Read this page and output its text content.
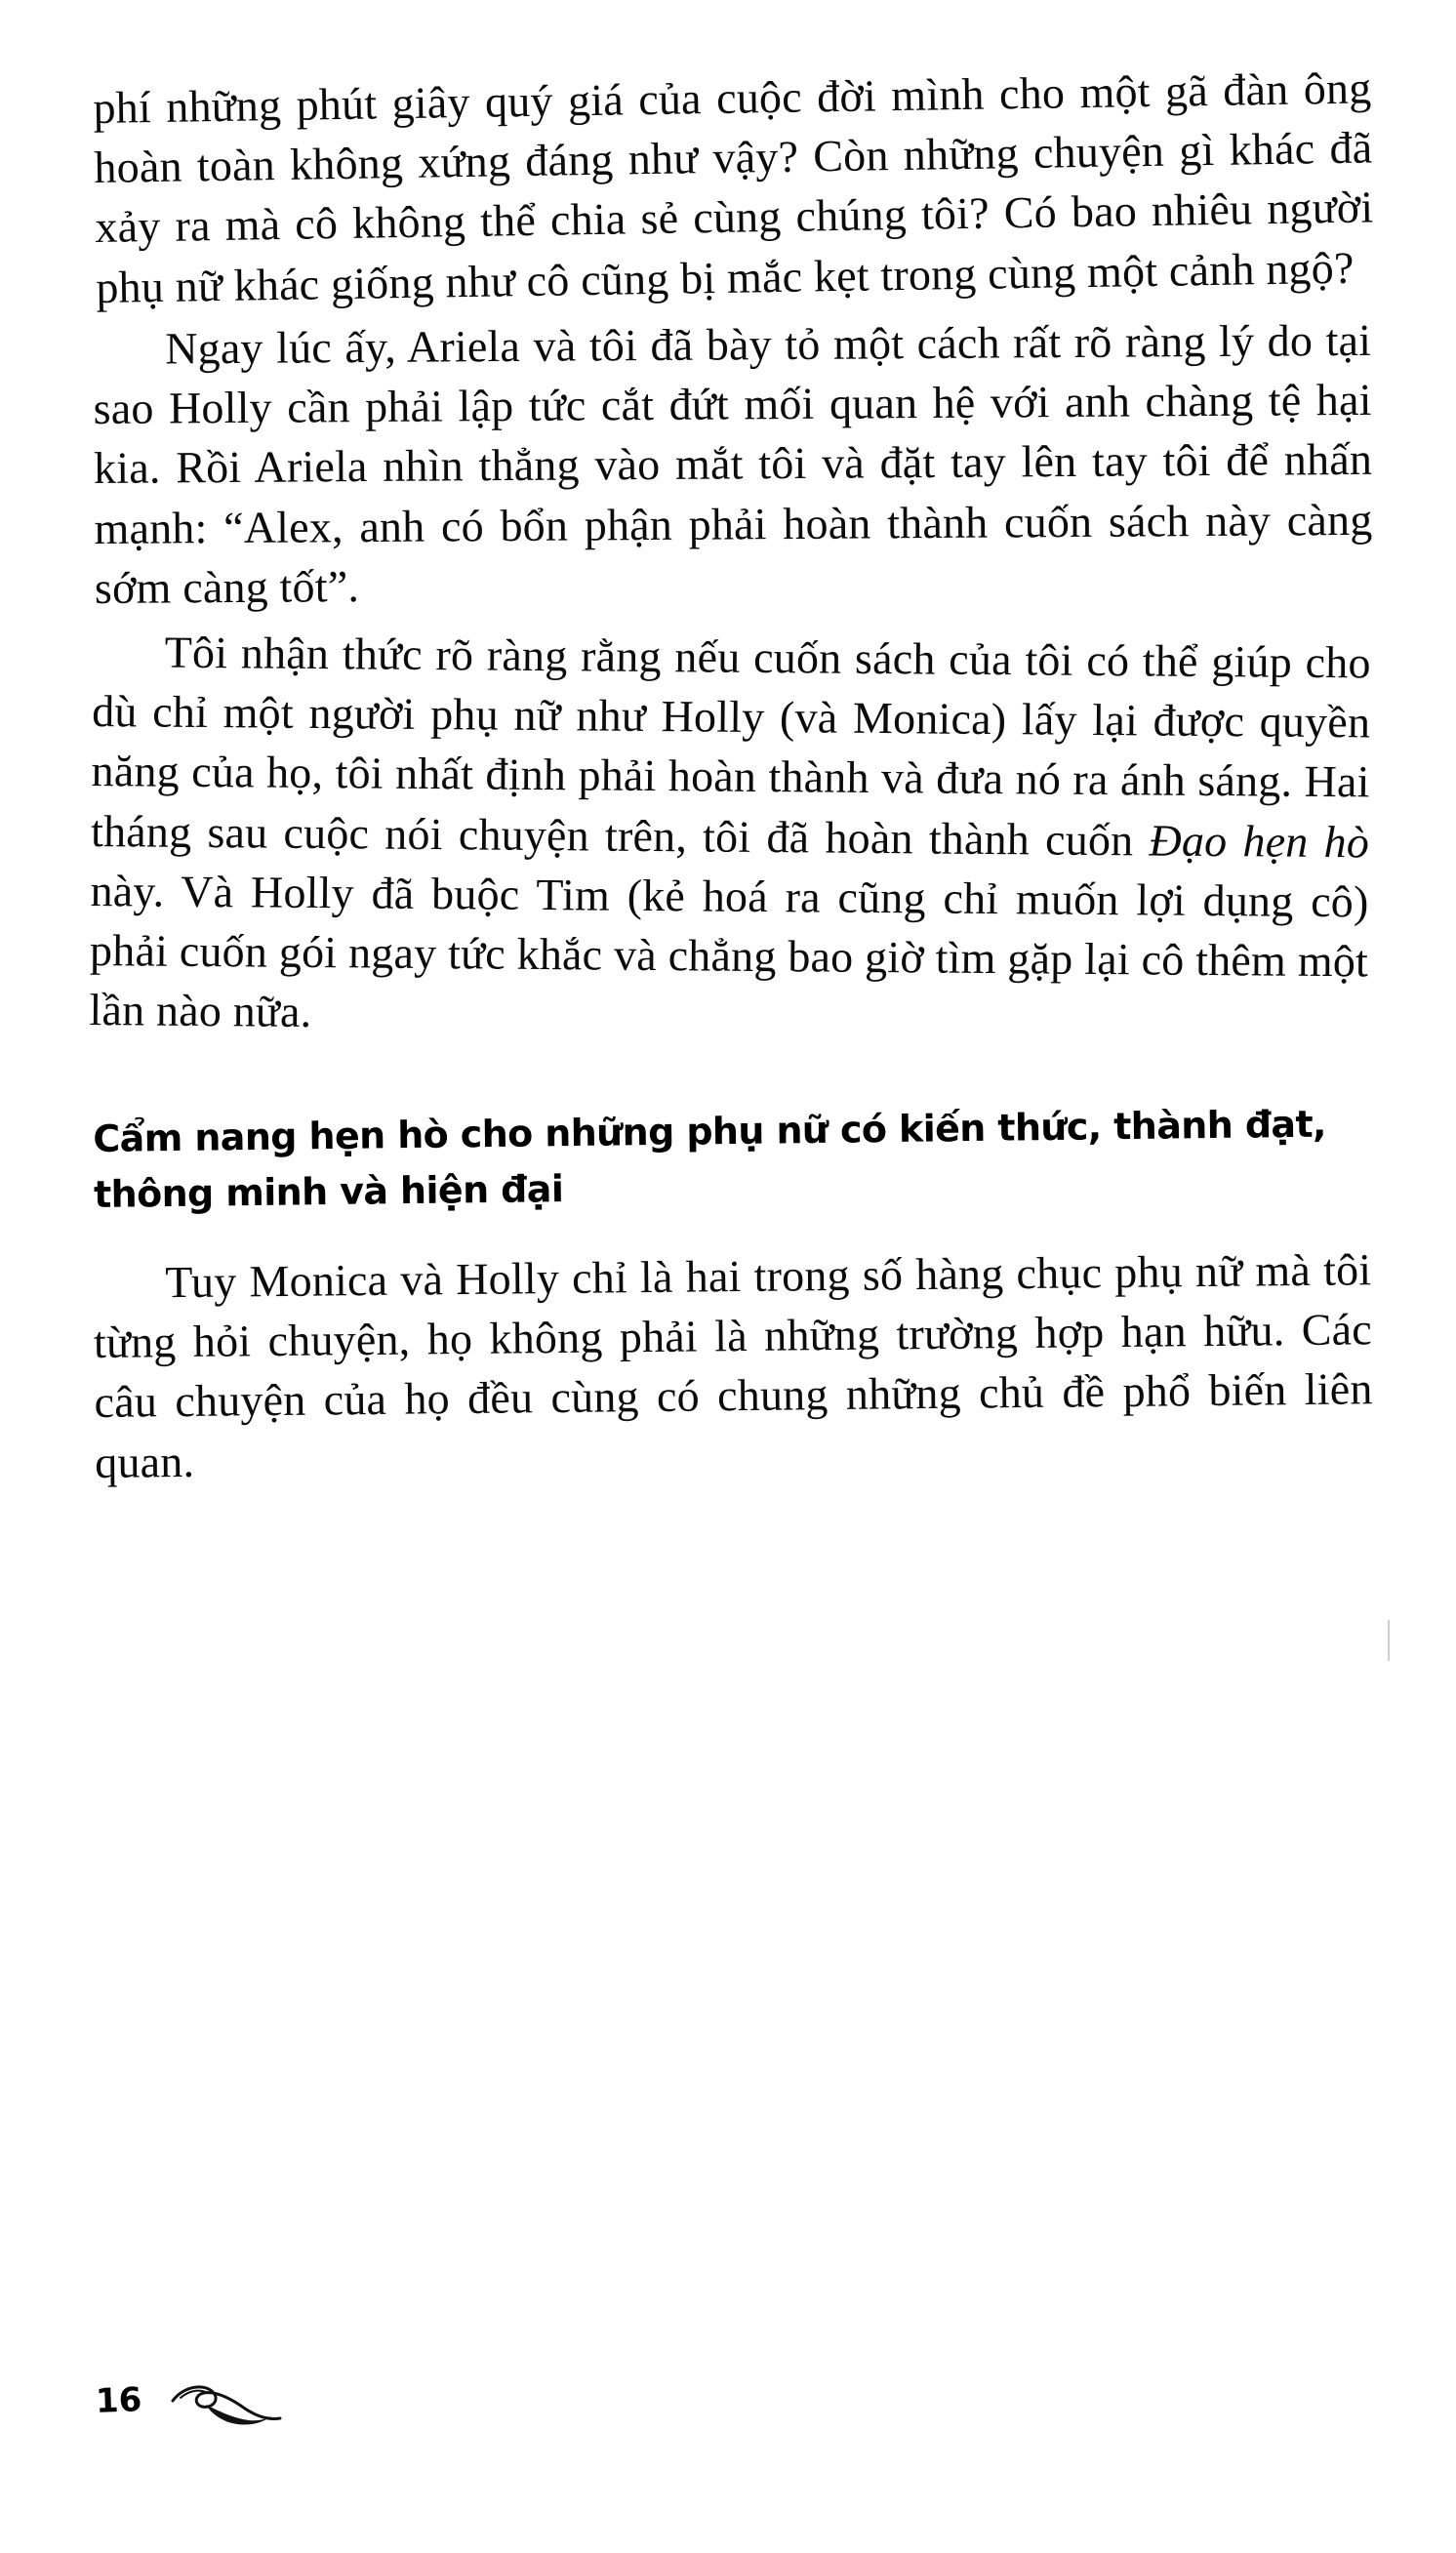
phí những phút giây quý giá của cuộc đời mình cho một gã đàn ông hoàn toàn không xứng đáng như vậy? Còn những chuyện gì khác đã xảy ra mà cô không thể chia sẻ cùng chúng tôi? Có bao nhiêu người phụ nữ khác giống như cô cũng bị mắc kẹt trong cùng một cảnh ngộ?

Ngay lúc ấy, Ariela và tôi đã bày tỏ một cách rất rõ ràng lý do tại sao Holly cần phải lập tức cắt đứt mối quan hệ với anh chàng tệ hại kia. Rồi Ariela nhìn thẳng vào mắt tôi và đặt tay lên tay tôi để nhấn mạnh: “Alex, anh có bổn phận phải hoàn thành cuốn sách này càng sớm càng tốt”.

Tôi nhận thức rõ ràng rằng nếu cuốn sách của tôi có thể giúp cho dù chỉ một người phụ nữ như Holly (và Monica) lấy lại được quyền năng của họ, tôi nhất định phải hoàn thành và đưa nó ra ánh sáng. Hai tháng sau cuộc nói chuyện trên, tôi đã hoàn thành cuốn Đạo hẹn hò này. Và Holly đã buộc Tim (kẻ hoá ra cũng chỉ muốn lợi dụng cô) phải cuốn gói ngay tức khắc và chẳng bao giờ tìm gặp lại cô thêm một lần nào nữa.

Cẩm nang hẹn hò cho những phụ nữ có kiến thức, thành đạt, thông minh và hiện đại

Tuy Monica và Holly chỉ là hai trong số hàng chục phụ nữ mà tôi từng hỏi chuyện, họ không phải là những trường hợp hạn hữu. Các câu chuyện của họ đều cùng có chung những chủ đề phổ biến liên quan.

16
